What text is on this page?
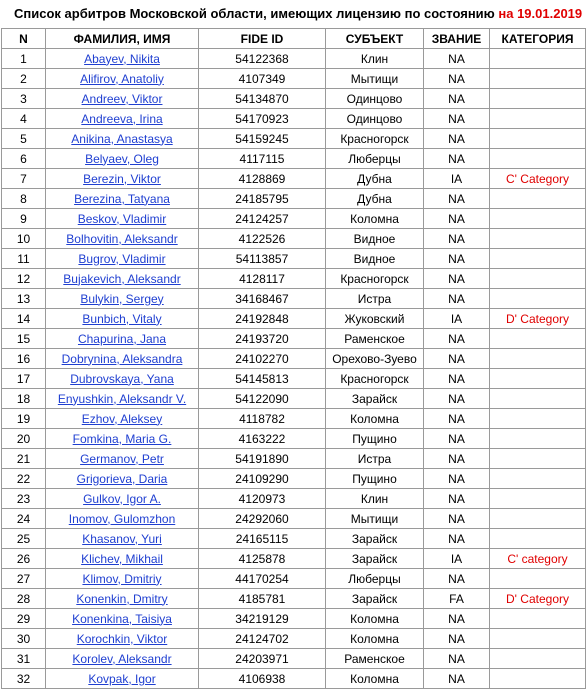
Список арбитров Московской области, имеющих лицензию по состоянию на 19.01.2019
N	ФАМИЛИЯ, ИМЯ	FIDE ID	СУБЪЕКТ	ЗВАНИЕ	КАТЕГОРИЯ
1	Abayev, Nikita	54122368	Клин	NA	
2	Alifirov, Anatoliy	4107349	Мытищи	NA	
3	Andreev, Viktor	54134870	Одинцово	NA	
4	Andreeva, Irina	54170923	Одинцово	NA	
5	Anikina, Anastasya	54159245	Красногорск	NA	
6	Belyaev, Oleg	4117115	Люберцы	NA	
7	Berezin, Viktor	4128869	Дубна	IA	C' Category
8	Berezina, Tatyana	24185795	Дубна	NA	
9	Beskov, Vladimir	24124257	Коломна	NA	
10	Bolhovitin, Aleksandr	4122526	Видное	NA	
11	Bugrov, Vladimir	54113857	Видное	NA	
12	Bujakevich, Aleksandr	4128117	Красногорск	NA	
13	Bulykin, Sergey	34168467	Истра	NA	
14	Bunbich, Vitaly	24192848	Жуковский	IA	D' Category
15	Chapurina, Jana	24193720	Раменское	NA	
16	Dobrynina, Aleksandra	24102270	Орехово-Зуево	NA	
17	Dubrovskaya, Yana	54145813	Красногорск	NA	
18	Enyushkin, Aleksandr V.	54122090	Зарайск	NA	
19	Ezhov, Aleksey	4118782	Коломна	NA	
20	Fomkina, Maria G.	4163222	Пущино	NA	
21	Germanov, Petr	54191890	Истра	NA	
22	Grigorieva, Daria	24109290	Пущино	NA	
23	Gulkov, Igor A.	4120973	Клин	NA	
24	Inomov, Gulomzhon	24292060	Мытищи	NA	
25	Khasanov, Yuri	24165115	Зарайск	NA	
26	Klichev, Mikhail	4125878	Зарайск	IA	C' category
27	Klimov, Dmitriy	44170254	Люберцы	NA	
28	Konenkin, Dmitry	4185781	Зарайск	FA	D' Category
29	Konenkina, Taisiya	34219129	Коломна	NA	
30	Korochkin, Viktor	24124702	Коломна	NA	
31	Korolev, Aleksandr	24203971	Раменское	NA	
32	Kovpak, Igor	4106938	Коломна	NA	
